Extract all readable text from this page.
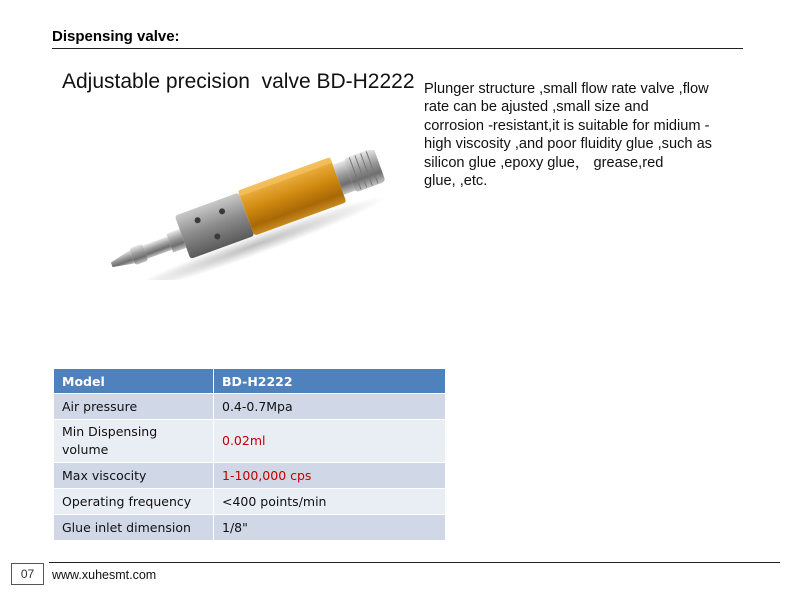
Dispensing valve:
Adjustable precision  valve BD-H2222 Plunger structure ,small flow rate valve ,flow
rate can be ajusted ,small size and
corrosion -resistant,it is suitable for midium -
high viscosity ,and poor fluidity glue ,such as
silicon glue ,epoxy glue， grease,red
glue, ,etc.
Model	BD-H2222
Air pressure	0.4-0.7Mpa
Min Dispensing
volume	0.02ml
Max viscocity	1-100,000 cps
Operating frequency	<400 points/min
Glue inlet dimension	1/8"
07	www.xuhesmt.com
